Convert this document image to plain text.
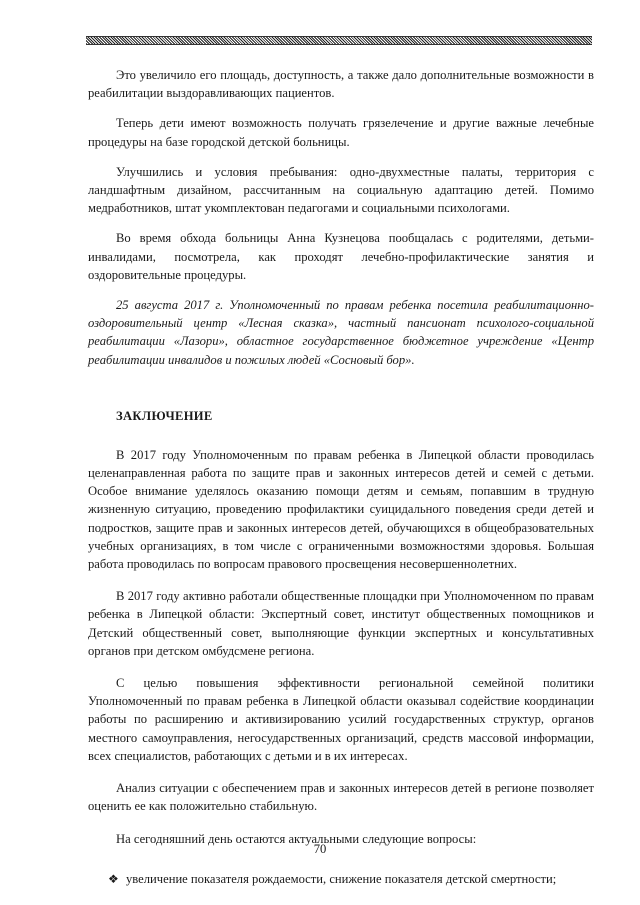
Это увеличило его площадь, доступность, а также дало дополнительные возможности в реабилитации выздоравливающих пациентов.

Теперь дети имеют возможность получать грязелечение и другие важные лечебные процедуры на базе городской детской больницы.

Улучшились и условия пребывания: одно-двухместные палаты, территория с ландшафтным дизайном, рассчитанным на социальную адаптацию детей. Помимо медработников, штат укомплектован педагогами и социальными психологами.

Во время обхода больницы Анна Кузнецова пообщалась с родителями, детьми-инвалидами, посмотрела, как проходят лечебно-профилактические занятия и оздоровительные процедуры.

25 августа 2017 г. Уполномоченный по правам ребенка посетила реабилитационно-оздоровительный центр «Лесная сказка», частный пансионат психолого-социальной реабилитации «Лазори», областное государственное бюджетное учреждение «Центр реабилитации инвалидов и пожилых людей «Сосновый бор».

ЗАКЛЮЧЕНИЕ

В 2017 году Уполномоченным по правам ребенка в Липецкой области проводилась целенаправленная работа по защите прав и законных интересов детей и семей с детьми. Особое внимание уделялось оказанию помощи детям и семьям, попавшим в трудную жизненную ситуацию, проведению профилактики суицидального поведения среди детей и подростков, защите прав и законных интересов детей, обучающихся в общеобразовательных учебных организациях, в том числе с ограниченными возможностями здоровья. Большая работа проводилась по вопросам правового просвещения несовершеннолетних.

В 2017 году активно работали общественные площадки при Уполномоченном по правам ребенка в Липецкой области: Экспертный совет, институт общественных помощников и Детский общественный совет, выполняющие функции экспертных и консультативных органов при детском омбудсмене региона.

С целью повышения эффективности региональной семейной политики Уполномоченный по правам ребенка в Липецкой области оказывал содействие координации работы по расширению и активизированию усилий государственных структур, органов местного самоуправления, негосударственных организаций, средств массовой информации, всех специалистов, работающих с детьми и в их интересах.

Анализ ситуации с обеспечением прав и законных интересов детей в регионе позволяет оценить ее как положительно стабильную.

На сегодняшний день остаются актуальными следующие вопросы:

❖ увеличение показателя рождаемости, снижение показателя детской смертности;
70
